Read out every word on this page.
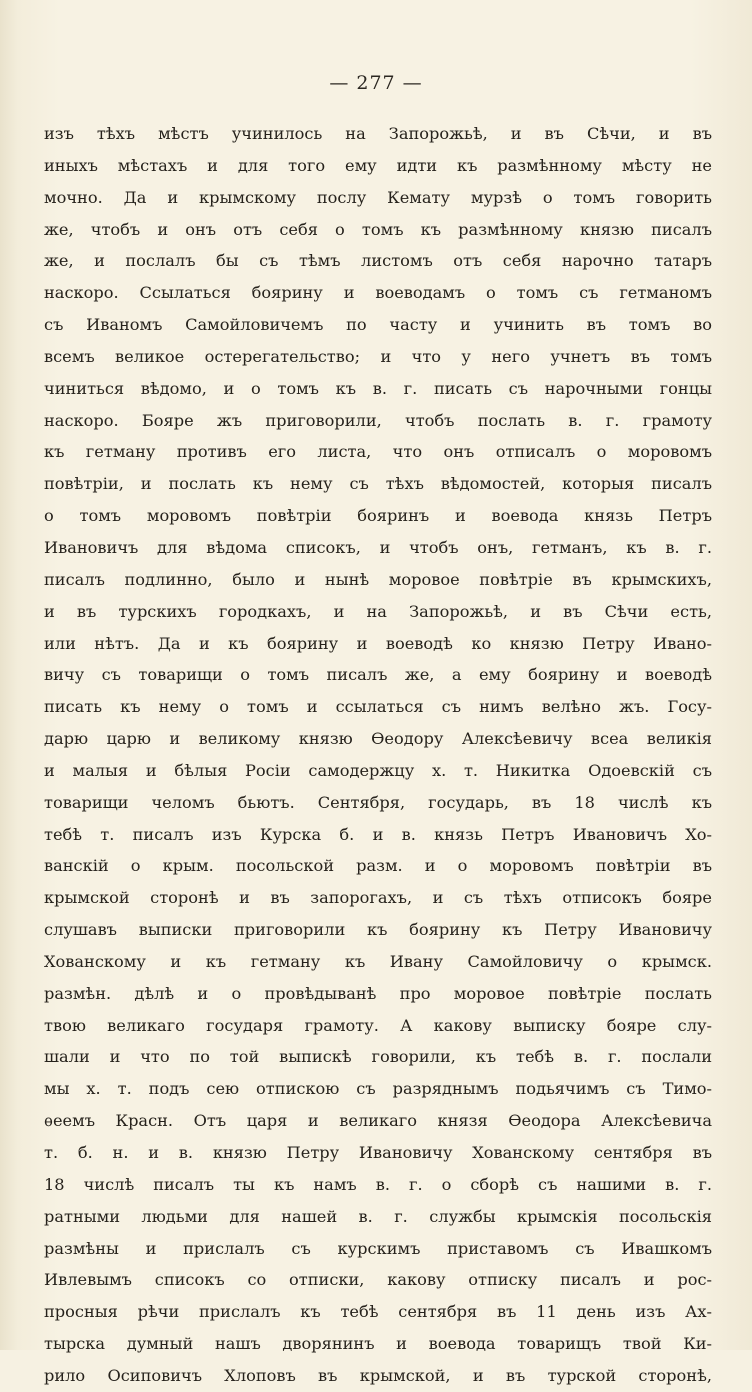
— 277 —
изъ тѣхъ мѣстъ учинилось на Запорожьѣ, и въ Сѣчи, и въ
иныхъ мѣстахъ и для того ему идти къ размѣнному мѣсту не
мочно. Да и крымскому послу Кемату мурзѣ о томъ говорить
же, чтобъ и онъ отъ себя о томъ къ размѣнному князю писалъ
же, и послалъ бы съ тѣмъ листомъ отъ себя нарочно татаръ
наскоро. Ссылаться боярину и воеводамъ о томъ съ гетманомъ
съ Иваномъ Самойловичемъ по часту и учинить въ томъ во
всемъ великое остерегательство; и что у него учнетъ въ томъ
чиниться вѣдомо, и о томъ къ в. г. писать съ нарочными гонцы
наскоро. Бояре жъ приговорили, чтобъ послать в. г. грамоту
къ гетману противъ его листа, что онъ отписалъ о моровомъ
повѣтріи, и послать къ нему съ тѣхъ вѣдомостей, которыя писалъ
о томъ моровомъ повѣтріи бояринъ и воевода князь Петръ
Ивановичъ для вѣдома списокъ, и чтобъ онъ, гетманъ, къ в. г.
писалъ подлинно, было и нынѣ моровое повѣтріе въ крымскихъ,
и въ турскихъ городкахъ, и на Запорожьѣ, и въ Сѣчи есть,
или нѣтъ. Да и къ боярину и воеводѣ ко князю Петру Ивано-
вичу съ товарищи о томъ писалъ же, а ему боярину и воеводѣ
писать къ нему о томъ и ссылаться съ нимъ велѣно жъ. Госу-
дарю царю и великому князю Ѳеодору Алексѣевичу всеа великія
и малыя и бѣлыя Росіи самодержцу х. т. Никитка Одоевскій съ
товарищи челомъ бьютъ. Сентября, государь, въ 18 числѣ къ
тебѣ т. писалъ изъ Курска б. и в. князь Петръ Ивановичъ Хо-
ванскій о крым. посольской разм. и о моровомъ повѣтріи въ
крымской сторонѣ и въ запорогахъ, и съ тѣхъ отписокъ бояре
слушавъ выписки приговорили къ боярину къ Петру Ивановичу
Хованскому и къ гетману къ Ивану Самойловичу о крымск.
размѣн. дѣлѣ и о провѣдыванѣ про моровое повѣтріе послать
твою великаго государя грамоту. А какову выписку бояре слу-
шали и что по той выпискѣ говорили, къ тебѣ в. г. послали
мы х. т. подъ сею отпискою съ разряднымъ подьячимъ съ Тимо-
ѳеемъ Красн. Отъ царя и великаго князя Ѳеодора Алексѣевича
т. б. н. и в. князю Петру Ивановичу Хованскому сентября въ
18 числѣ писалъ ты къ намъ в. г. о сборѣ съ нашими в. г.
ратными людьми для нашей в. г. службы крымскія посольскія
размѣны и прислалъ съ курскимъ приставомъ съ Ивашкомъ
Ивлевымъ списокъ со отписки, какову отписку писалъ и рос-
просныя рѣчи прислалъ къ тебѣ сентября въ 11 день изъ Ах-
тырска думный нашъ дворянинъ и воевода товарищъ твой Ки-
рило Осиповичъ Хлоповъ въ крымской, и въ турской сторонѣ,
